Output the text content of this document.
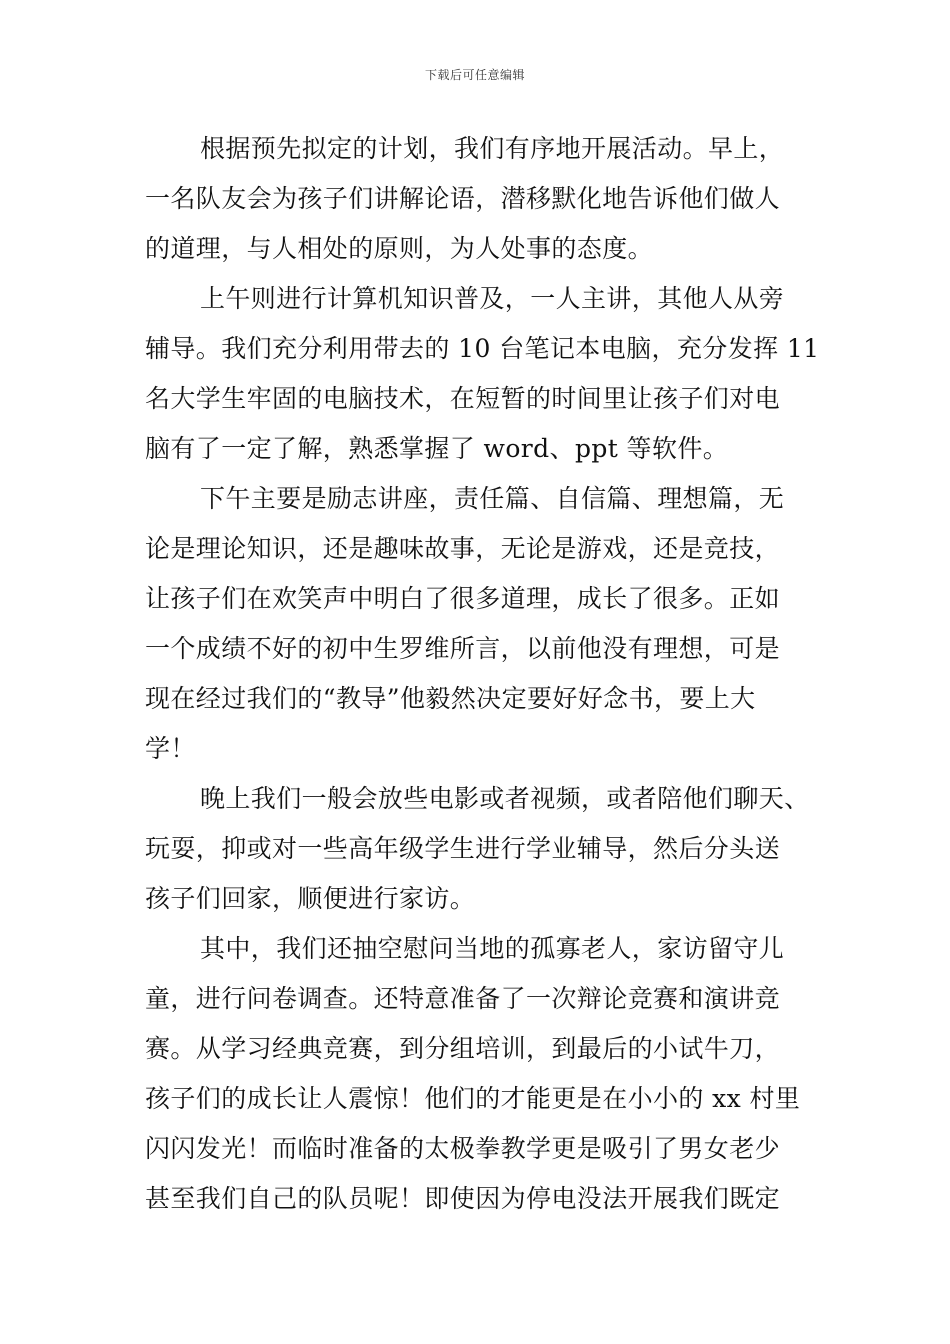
下载后可任意编辑
根据预先拟定的计划，我们有序地开展活动。早上，
一名队友会为孩子们讲解论语，潜移默化地告诉他们做人
的道理，与人相处的原则，为人处事的态度。
上午则进行计算机知识普及，一人主讲，其他人从旁
辅导。我们充分利用带去的 10 台笔记本电脑，充分发挥 11
名大学生牢固的电脑技术，在短暂的时间里让孩子们对电
脑有了一定了解，熟悉掌握了 word、ppt 等软件。
下午主要是励志讲座，责任篇、自信篇、理想篇，无
论是理论知识，还是趣味故事，无论是游戏，还是竞技，
让孩子们在欢笑声中明白了很多道理，成长了很多。正如
一个成绩不好的初中生罗维所言，以前他没有理想，可是
现在经过我们的“教导”他毅然决定要好好念书，要上大
学！
晚上我们一般会放些电影或者视频，或者陪他们聊天、
玩耍，抑或对一些高年级学生进行学业辅导，然后分头送
孩子们回家，顺便进行家访。
其中，我们还抽空慰问当地的孤寡老人，家访留守儿
童，进行问卷调查。还特意准备了一次辩论竞赛和演讲竞
赛。从学习经典竞赛，到分组培训，到最后的小试牛刀，
孩子们的成长让人震惊！他们的才能更是在小小的 xx 村里
闪闪发光！而临时准备的太极拳教学更是吸引了男女老少
甚至我们自己的队员呢！即使因为停电没法开展我们既定
